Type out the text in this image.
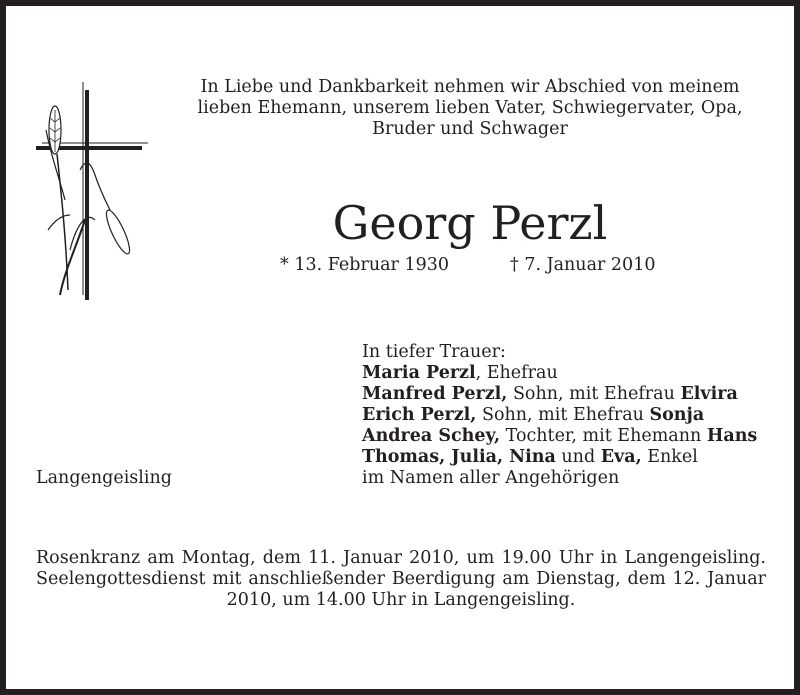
In Liebe und Dankbarkeit nehmen wir Abschied von meinem
lieben Ehemann, unserem lieben Vater, Schwiegervater, Opa,
Bruder und Schwager
Georg Perzl
* 13. Februar 1930	† 7. Januar 2010
In tiefer Trauer:
Maria Perzl, Ehefrau
Manfred Perzl, Sohn, mit Ehefrau Elvira
Erich Perzl, Sohn, mit Ehefrau Sonja
Andrea Schey, Tochter, mit Ehemann Hans
Thomas, Julia, Nina und Eva, Enkel
im Namen aller Angehörigen
Langengeisling
Rosenkranz am Montag, dem 11. Januar 2010, um 19.00 Uhr in Langengeisling. Seelengottesdienst mit anschließender Beerdigung am Dienstag, dem 12. Januar 2010, um 14.00 Uhr in Langengeisling.
